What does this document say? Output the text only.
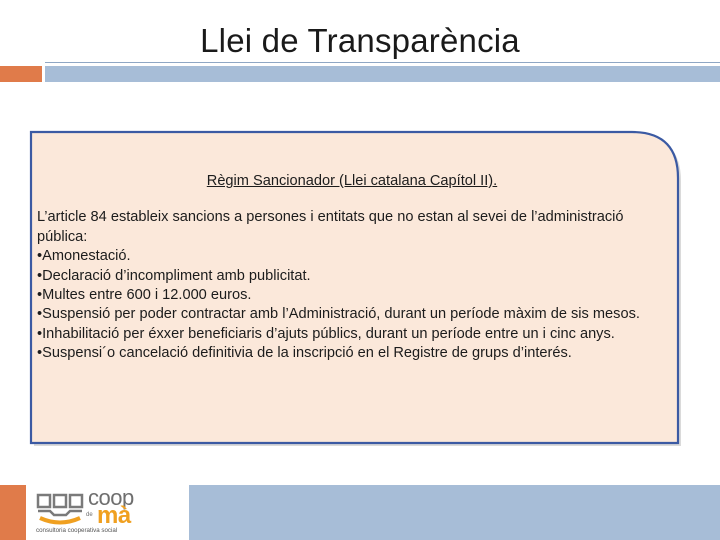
Llei de Transparència

Règim Sancionador (Llei catalana Capítol II).

L’article 84 estableix sancions a persones i entitats que no estan al sevei de l’administració pública:

•Amonestació.
•Declaració d’incompliment amb publicitat.
•Multes entre 600 i 12.000 euros.
•Suspensió per poder contractar amb l’Administració, durant un període màxim de sis mesos.
•Inhabilitació per éxxer beneficiaris d’ajuts públics, durant un període entre un i cinc anys.
•Suspensi´o cancelació definitivia de la inscripció en el Registre de grups d’interés.
coop
de mà
consultoria cooperativa social
